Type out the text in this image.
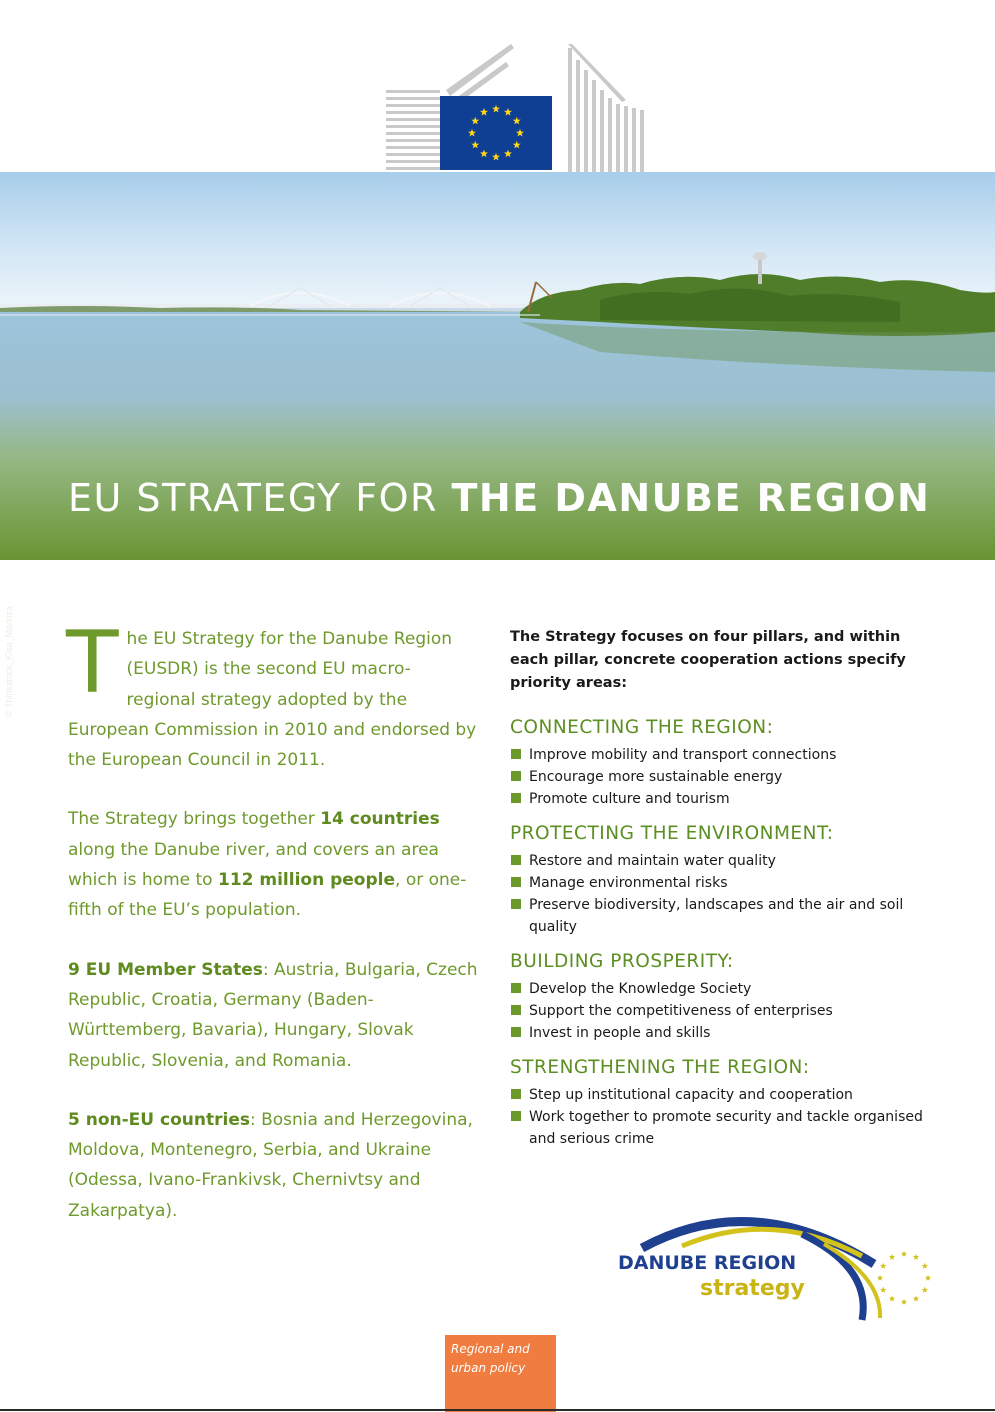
© Thinkstock_Kisa_Markiza
EU STRATEGY FOR THE DANUBE REGION

The EU Strategy for the Danube Region (EUSDR) is the second EU macro-regional strategy adopted by the European Commission in 2010 and endorsed by the European Council in 2011.

The Strategy brings together 14 countries along the Danube river, and covers an area which is home to 112 million people, or one-fifth of the EU’s population.

9 EU Member States: Austria, Bulgaria, Czech Republic, Croatia, Germany (Baden-Württemberg, Bavaria), Hungary, Slovak Republic, Slovenia, and Romania.

5 non-EU countries: Bosnia and Herzegovina, Moldova, Montenegro, Serbia, and Ukraine (Odessa, Ivano-Frankivsk, Chernivtsy and Zakarpatya).

The Strategy focuses on four pillars, and within each pillar, concrete cooperation actions specify priority areas:

CONNECTING THE REGION:
Improve mobility and transport connections
Encourage more sustainable energy
Promote culture and tourism
PROTECTING THE ENVIRONMENT:
Restore and maintain water quality
Manage environmental risks
Preserve biodiversity, landscapes and the air and soil quality
BUILDING PROSPERITY:
Develop the Knowledge Society
Support the competitiveness of enterprises
Invest in people and skills
STRENGTHENING THE REGION:
Step up institutional capacity and cooperation
Work together to promote security and tackle organised and serious crime
DANUBE REGION
strategy
Regional and
urban policy
